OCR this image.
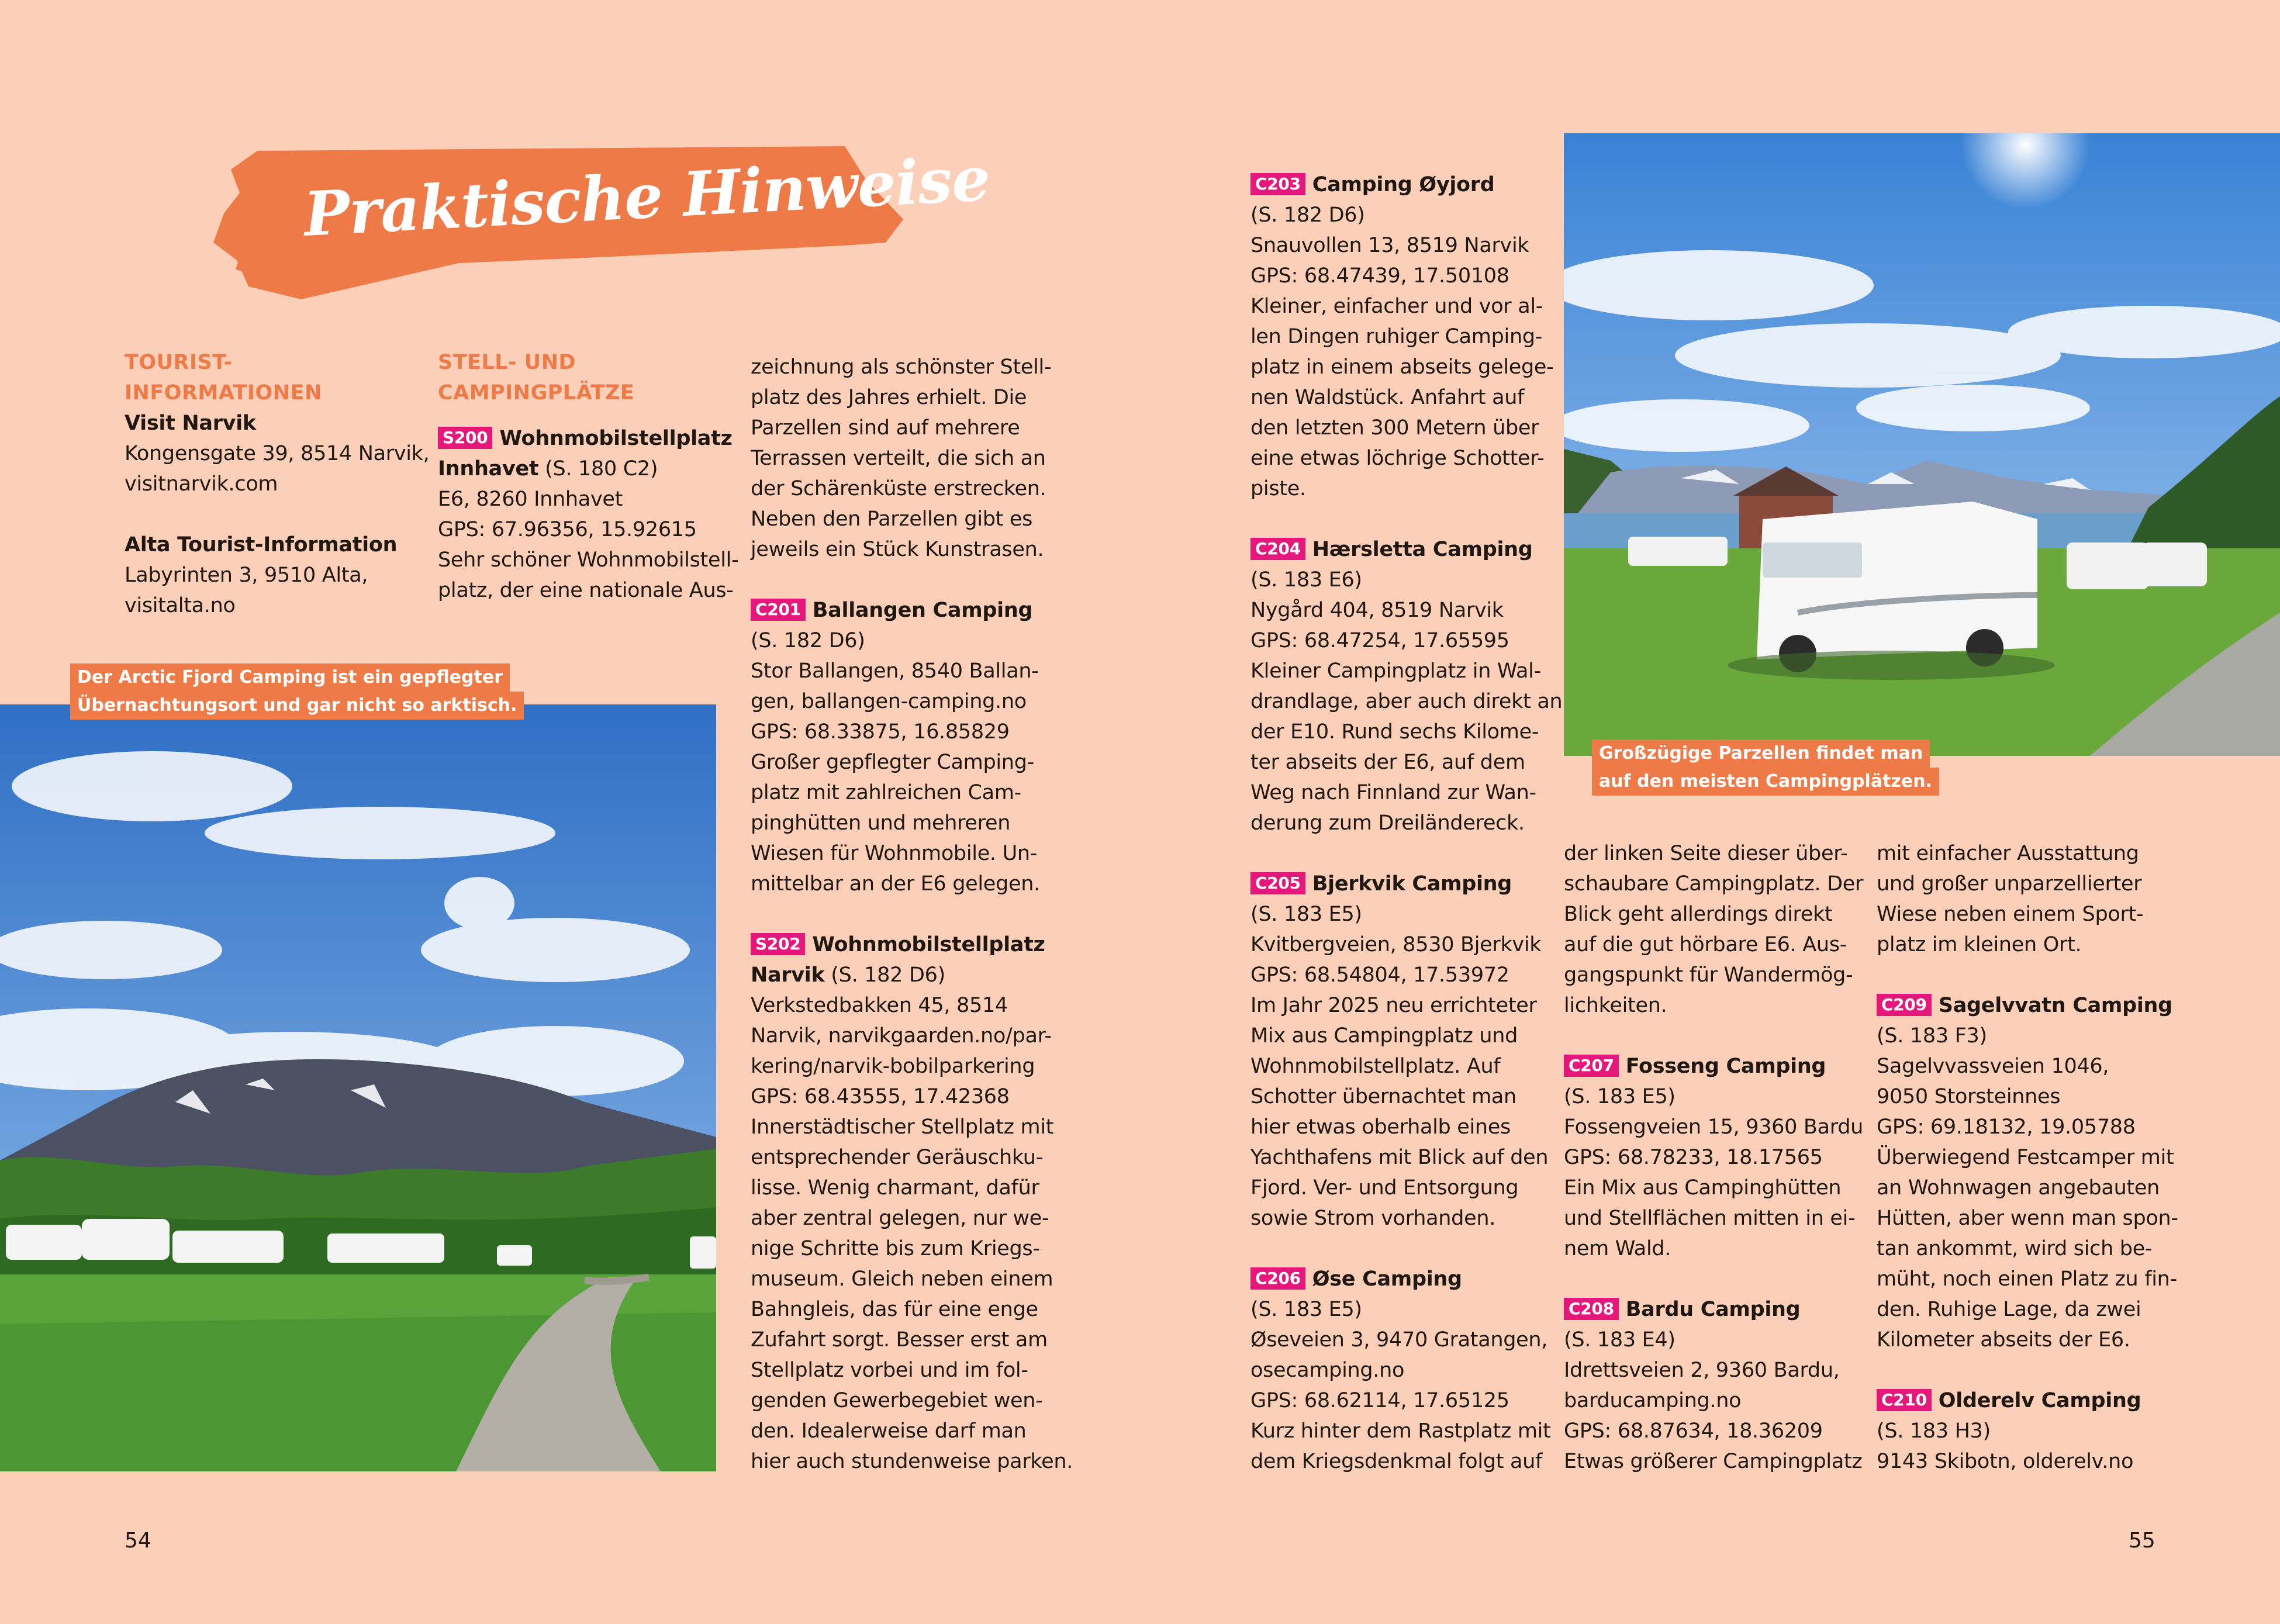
Praktische Hinweise
TOURIST-
INFORMATIONEN
Visit Narvik
Kongensgate 39, 8514 Narvik,
visitnarvik.com
Alta Tourist-Information
Labyrinten 3, 9510 Alta,
visitalta.no
STELL- UND
CAMPINGPLÄTZE
S200 Wohnmobilstellplatz
Innhavet (S. 180 C2)
E6, 8260 Innhavet
GPS: 67.96356, 15.92615
Sehr schöner Wohnmobilstell-
platz, der eine nationale Aus-
zeichnung als schönster Stell-
platz des Jahres erhielt. Die
Parzellen sind auf mehrere
Terrassen verteilt, die sich an
der Schärenküste erstrecken.
Neben den Parzellen gibt es
jeweils ein Stück Kunstrasen.
C201 Ballangen Camping
(S. 182 D6)
Stor Ballangen, 8540 Ballan-
gen, ballangen-camping.no
GPS: 68.33875, 16.85829
Großer gepflegter Camping-
platz mit zahlreichen Cam-
pinghütten und mehreren
Wiesen für Wohnmobile. Un-
mittelbar an der E6 gelegen.
S202 Wohnmobilstellplatz
Narvik (S. 182 D6)
Verkstedbakken 45, 8514
Narvik, narvikgaarden.no/par-
kering/narvik-bobilparkering
GPS: 68.43555, 17.42368
Innerstädtischer Stellplatz mit
entsprechender Geräuschku-
lisse. Wenig charmant, dafür
aber zentral gelegen, nur we-
nige Schritte bis zum Kriegs-
museum. Gleich neben einem
Bahngleis, das für eine enge
Zufahrt sorgt. Besser erst am
Stellplatz vorbei und im fol-
genden Gewerbegebiet wen-
den. Idealerweise darf man
hier auch stundenweise parken.
C203 Camping Øyjord
(S. 182 D6)
Snauvollen 13, 8519 Narvik
GPS: 68.47439, 17.50108
Kleiner, einfacher und vor al-
len Dingen ruhiger Camping-
platz in einem abseits gelege-
nen Waldstück. Anfahrt auf
den letzten 300 Metern über
eine etwas löchrige Schotter-
piste.
C204 Hærsletta Camping
(S. 183 E6)
Nygård 404, 8519 Narvik
GPS: 68.47254, 17.65595
Kleiner Campingplatz in Wal-
drandlage, aber auch direkt an
der E10. Rund sechs Kilome-
ter abseits der E6, auf dem
Weg nach Finnland zur Wan-
derung zum Dreiländereck.
C205 Bjerkvik Camping
(S. 183 E5)
Kvitbergveien, 8530 Bjerkvik
GPS: 68.54804, 17.53972
Im Jahr 2025 neu errichteter
Mix aus Campingplatz und
Wohnmobilstellplatz. Auf
Schotter übernachtet man
hier etwas oberhalb eines
Yachthafens mit Blick auf den
Fjord. Ver- und Entsorgung
sowie Strom vorhanden.
C206 Øse Camping
(S. 183 E5)
Øseveien 3, 9470 Gratangen,
osecamping.no
GPS: 68.62114, 17.65125
Kurz hinter dem Rastplatz mit
dem Kriegsdenkmal folgt auf
der linken Seite dieser über-
schaubare Campingplatz. Der
Blick geht allerdings direkt
auf die gut hörbare E6. Aus-
gangspunkt für Wandermög-
lichkeiten.
C207 Fosseng Camping
(S. 183 E5)
Fossengveien 15, 9360 Bardu
GPS: 68.78233, 18.17565
Ein Mix aus Campinghütten
und Stellflächen mitten in ei-
nem Wald.
C208 Bardu Camping
(S. 183 E4)
Idrettsveien 2, 9360 Bardu,
barducamping.no
GPS: 68.87634, 18.36209
Etwas größerer Campingplatz
mit einfacher Ausstattung
und großer unparzellierter
Wiese neben einem Sport-
platz im kleinen Ort.
C209 Sagelvvatn Camping
(S. 183 F3)
Sagelvvassveien 1046,
9050 Storsteinnes
GPS: 69.18132, 19.05788
Überwiegend Festcamper mit
an Wohnwagen angebauten
Hütten, aber wenn man spon-
tan ankommt, wird sich be-
müht, noch einen Platz zu fin-
den. Ruhige Lage, da zwei
Kilometer abseits der E6.
C210 Olderelv Camping
(S. 183 H3)
9143 Skibotn, olderelv.no
Der Arctic Fjord Camping ist ein gepflegter
Übernachtungsort und gar nicht so arktisch.
Großzügige Parzellen findet man
auf den meisten Campingplätzen.
54	55
